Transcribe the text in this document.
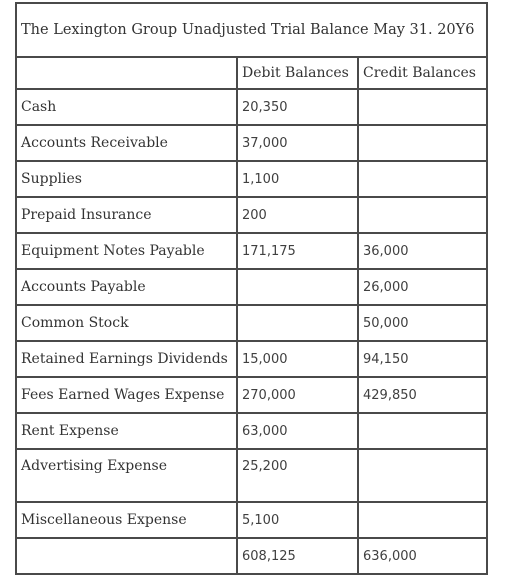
The Lexington Group Unadjusted Trial Balance May 31. 20Y6		
	Debit Balances	Credit Balances
Cash	20,350	
Accounts Receivable	37,000	
Supplies	1,100	
Prepaid Insurance	200	
Equipment Notes Payable	171,175	36,000
Accounts Payable		26,000
Common Stock		50,000
Retained Earnings Dividends	15,000	94,150
Fees Earned Wages Expense	270,000	429,850
Rent Expense	63,000	
Advertising Expense	25,200	
Miscellaneous Expense	5,100	
	608,125	636,000
